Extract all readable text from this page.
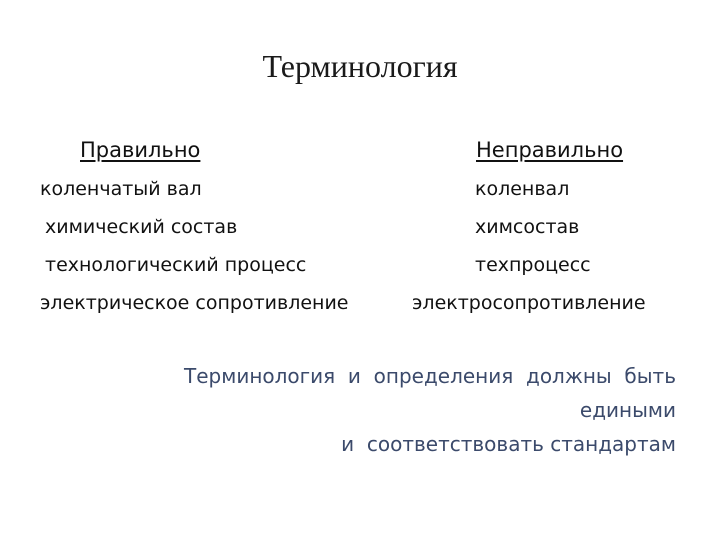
Терминология
Правильно	Неправильно
коленчатый вал	коленвал
химический состав	химсостав
технологический процесс	техпроцесс
электрическое сопротивление	электросопротивление
Терминология  и  определения  должны  быть
едиными
и  соответствовать стандартам
